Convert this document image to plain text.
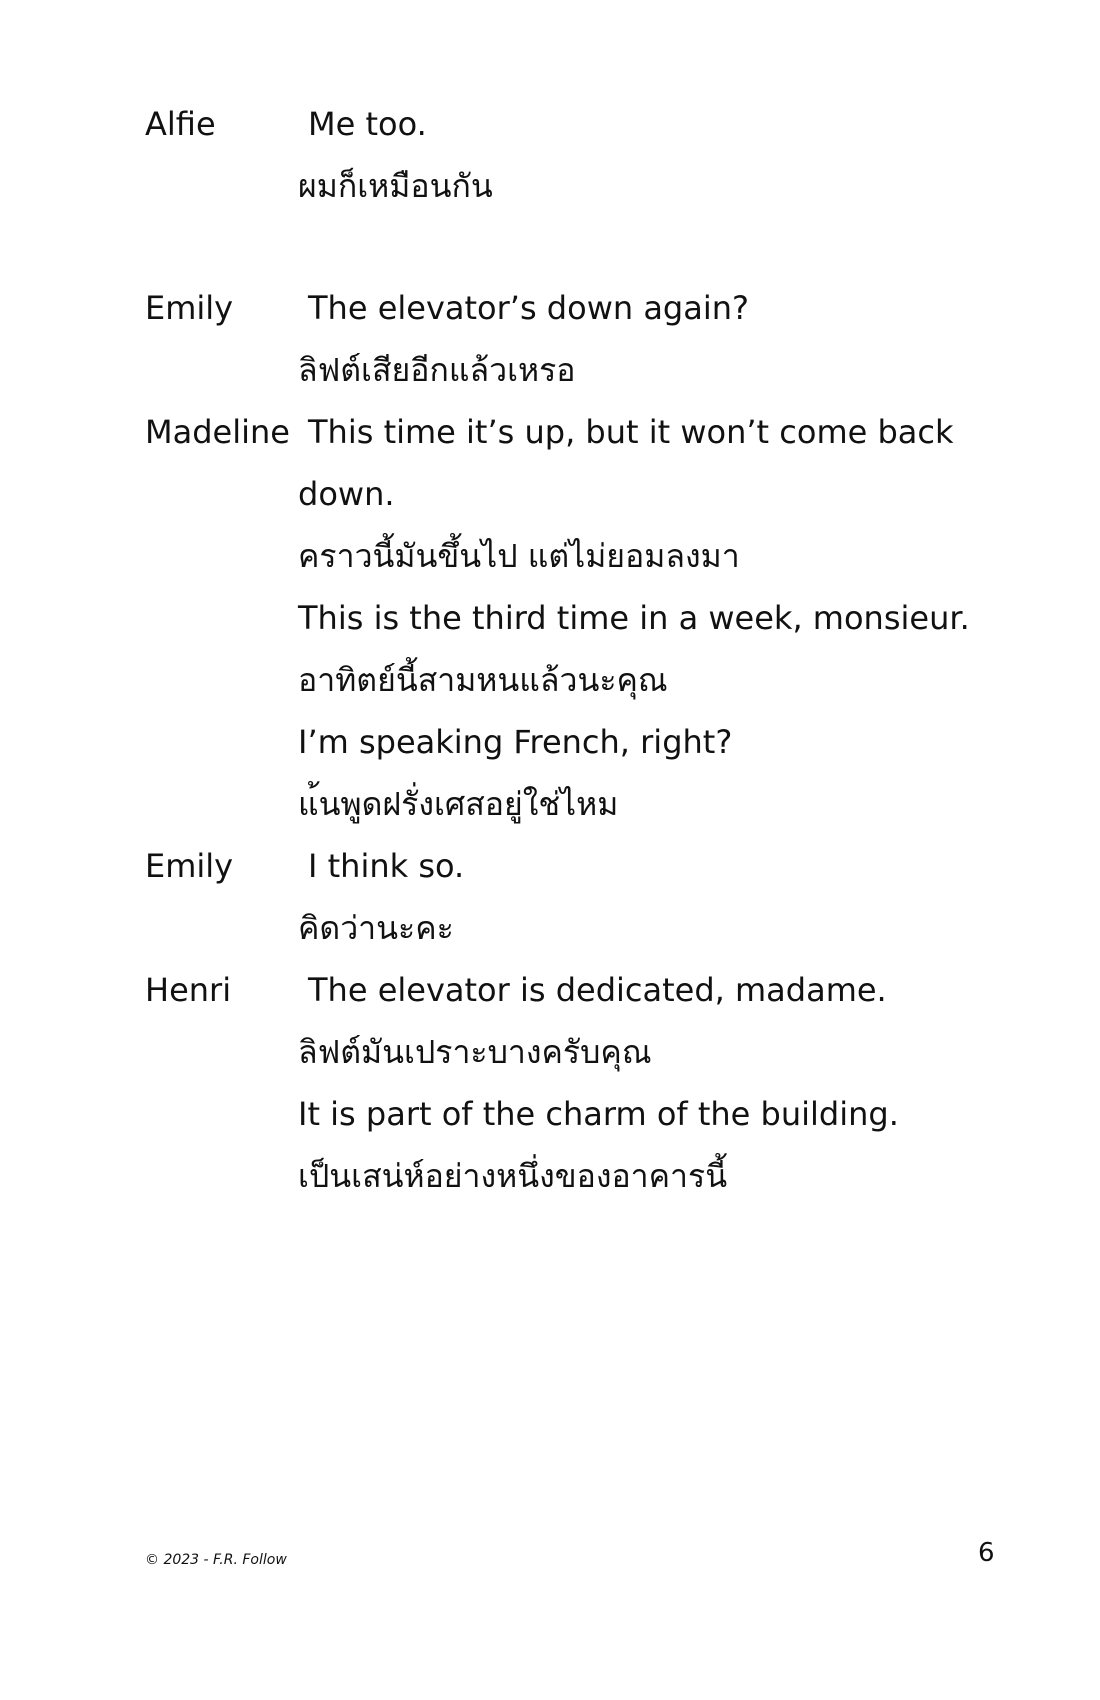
Alfie	Me too.
ผมก็เหมือนกัน
Emily The elevator’s down again?
ลิฟต์เสียอีกแล้วเหรอ
Madeline This time it’s up, but it won’t come back
down.
คราวนี้มันขึ้นไป แต่ไม่ยอมลงมา
This is the third time in a week, monsieur.
อาทิตย์นี้สามหนแล้วนะคุณ
I’m speaking French, right?
แ้นพูดฝรั่งเศสอยู่ใช่ไหม
Emily I think so.
คิดว่านะคะ
Henri The elevator is dedicated, madame.
ลิฟต์มันเปราะบางครับคุณ
It is part of the charm of the building.
เป็นเสน่ห์อย่างหนึ่งของอาคารนี้
© 2023 - F.R. Follow	6
